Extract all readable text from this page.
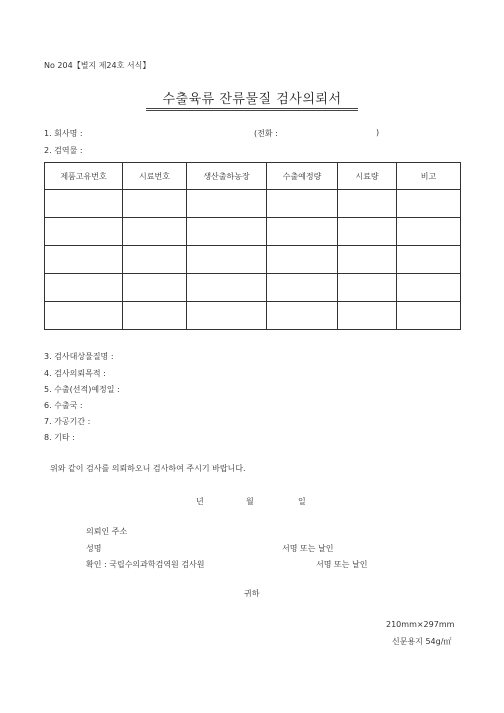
No 204【별지 제24호 서식】
수출육류 잔류물질 검사의뢰서
1. 회사명 :	(전화 :	)
2. 검역물 :
제품고유번호	시료번호	생산출하농장	수출예정량	시료량	비고

3. 검사대상물질명 :
4. 검사의뢰목적 :
5. 수출(선적)예정일 :
6. 수출국 :
7. 가공기간 :
8. 기타 :
위와 같이 검사를 의뢰하오니 검사하여 주시기 바랍니다.
년	월	일
의뢰인 주소
성명	서명 또는 날인
확인 : 국립수의과학검역원 검사원	서명 또는 날인
귀하
210mm×297mm
신문용지 54g/㎡
